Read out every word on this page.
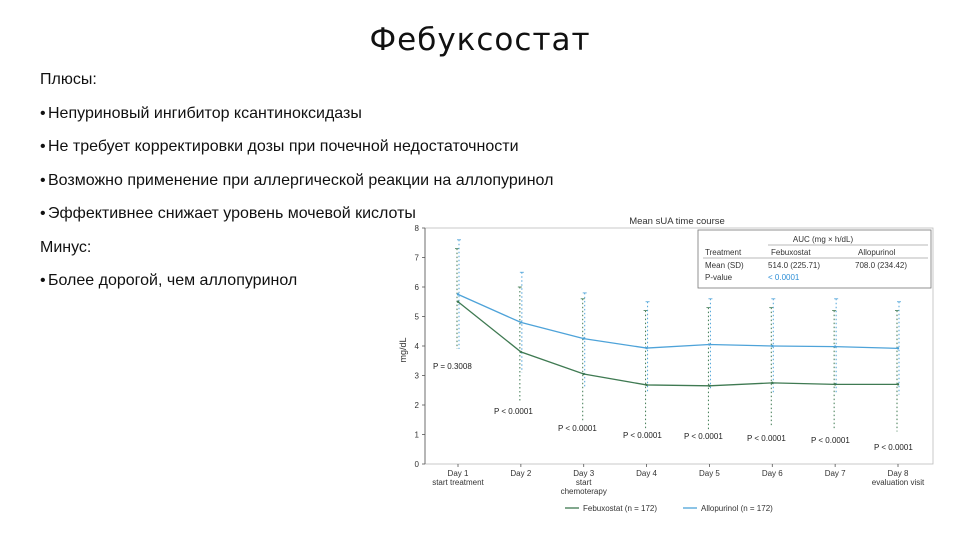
Фебуксостат
Плюсы:
• Непуриновый ингибитор ксантиноксидазы
• Не требует корректировки дозы при почечной недостаточности
• Возможно применение при аллергической реакции на аллопуринол
• Эффективнее снижает уровень мочевой кислоты
Минус:
• Более дорогой, чем аллопуринол
Mean sUA time course
0
1
2
3
4
5
6
7
8
mg/dL
P = 0.3008
P < 0.0001
P < 0.0001
P < 0.0001	P < 0.0001	P < 0.0001	P < 0.0001
P < 0.0001
Day 1 start treatment
Day 2	Day 3 start chemoterapy
Day 4	Day 5	Day 6	Day 7	Day 8 evaluation visit
AUC (mg × h/dL)
Treatment	Febuxostat	Allopurinol
Mean (SD)	514.0 (225.71)	708.0 (234.42)
P-value	< 0.0001
Febuxostat (n = 172)	Allopurinol (n = 172)
